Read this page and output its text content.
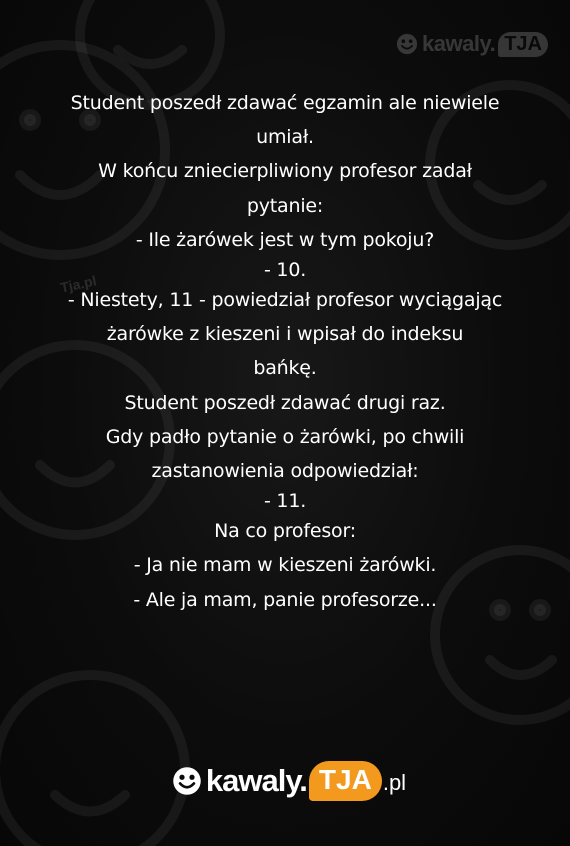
kawaly. TJA
Tja.pl
Student poszedł zdawać egzamin ale niewiele
umiał.
W końcu zniecierpliwiony profesor zadał
pytanie:
- Ile żarówek jest w tym pokoju?
- 10.
- Niestety, 11 - powiedział profesor wyciągając
żarówke z kieszeni i wpisał do indeksu
bańkę.
Student poszedł zdawać drugi raz.
Gdy padło pytanie o żarówki, po chwili
zastanowienia odpowiedział:
- 11.
Na co profesor:
- Ja nie mam w kieszeni żarówki.
- Ale ja mam, panie profesorze...
kawaly. TJA .pl
